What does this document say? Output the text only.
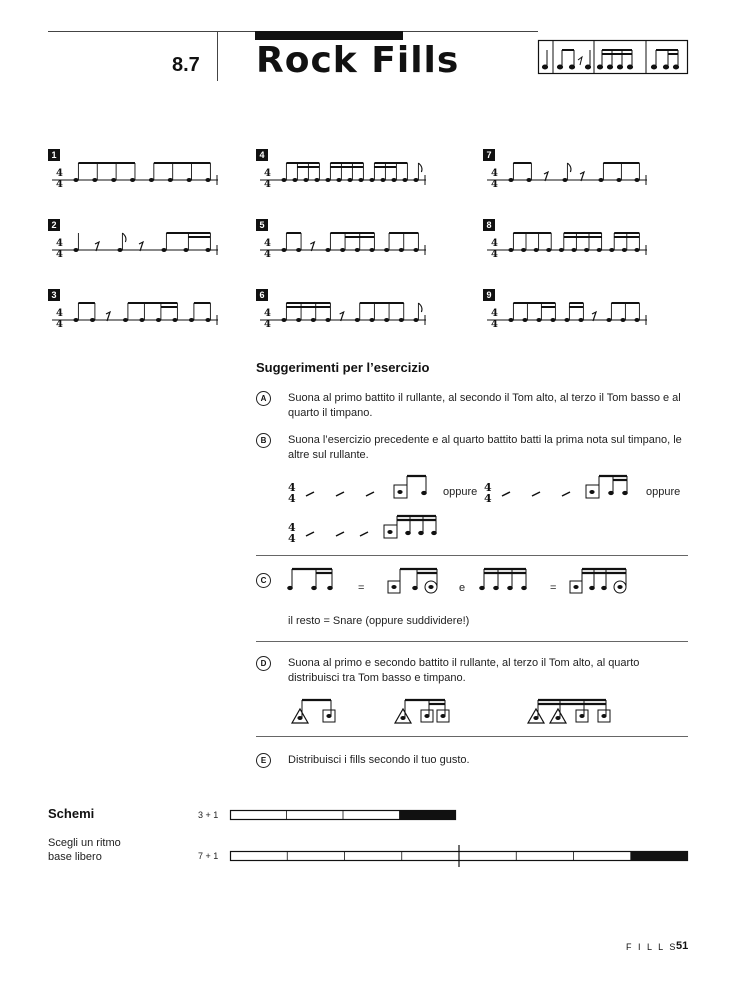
8.7 Rock Fills
1
2
3
4
5
6
7
8
9
4
4
4
4
4
4
4
4
4
4
4
4
4
4
4
4
4
4
Suggerimenti per l’esercizio
A	Suona al primo battito il rullante, al secondo il Tom alto, al terzo il Tom basso e al quarto il timpano.
B	Suona l’esercizio precedente e al quarto battito batti la prima nota sul timpano, le altre sul rullante.
4
4	oppure 4
4	oppure
4
4
C
=	e	=
il resto = Snare (oppure suddividere!)
D	Suona al primo e secondo battito il rullante, al terzo il Tom alto, al quarto distribuisci tra Tom basso e timpano.
E	Distribuisci i fills secondo il tuo gusto.
Schemi
Scegli un ritmo
base libero
3 + 1
7 + 1
F I L L S
51
